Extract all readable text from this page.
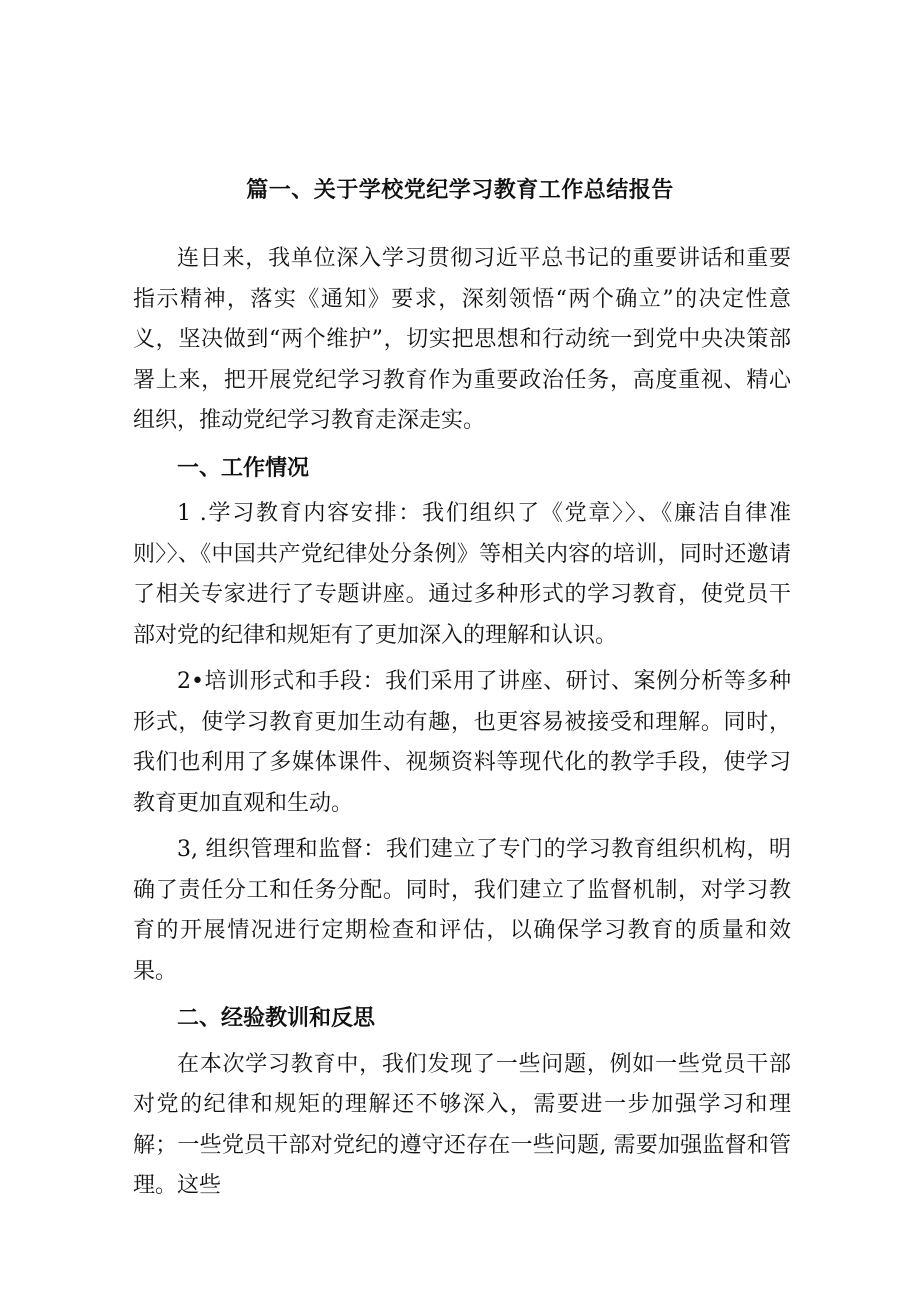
篇一、关于学校党纪学习教育工作总结报告

连日来，我单位深入学习贯彻习近平总书记的重要讲话和重要指示精神，落实《通知》要求，深刻领悟“两个确立”的决定性意义，坚决做到“两个维护”，切实把思想和行动统一到党中央决策部署上来，把开展党纪学习教育作为重要政治任务，高度重视、精心组织，推动党纪学习教育走深走实。

一、工作情况

1 .学习教育内容安排：我们组织了《党章〉〉、《廉洁自律准则〉〉、《中国共产党纪律处分条例》等相关内容的培训，同时还邀请了相关专家进行了专题讲座。通过多种形式的学习教育，使党员干部对党的纪律和规矩有了更加深入的理解和认识。

2•培训形式和手段：我们采用了讲座、研讨、案例分析等多种形式，使学习教育更加生动有趣，也更容易被接受和理解。同时，我们也利用了多媒体课件、视频资料等现代化的教学手段，使学习教育更加直观和生动。

3, 组织管理和监督：我们建立了专门的学习教育组织机构，明确了责任分工和任务分配。同时，我们建立了监督机制，对学习教育的开展情况进行定期检查和评估，以确保学习教育的质量和效果。

二、经验教训和反思

在本次学习教育中，我们发现了一些问题，例如一些党员干部对党的纪律和规矩的理解还不够深入，需要进一步加强学习和理解；一些党员干部对党纪的遵守还存在一些问题, 需要加强监督和管理。这些
